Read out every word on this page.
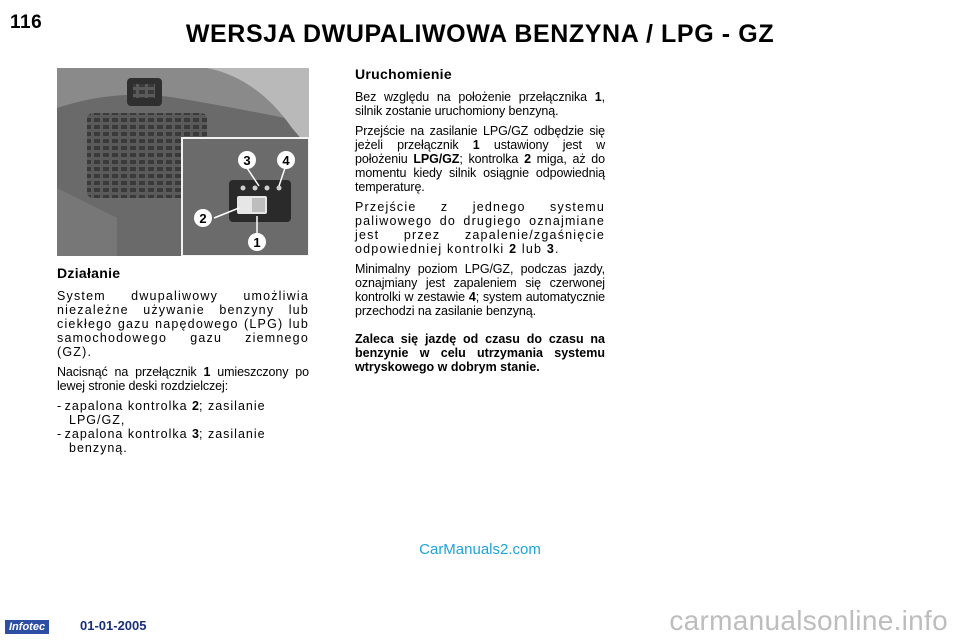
116	WERSJA DWUPALIWOWA BENZYNA / LPG - GZ
3 4
2
1
Działanie

System dwupaliwowy umożliwia niezależne używanie benzyny lub ciekłego gazu napędowego (LPG) lub samochodowego gazu ziemnego (GZ).

Nacisnąć na przełącznik 1 umieszczony po lewej stronie deski rozdzielczej:

- zapalona kontrolka 2; zasilanie LPG/GZ,

- zapalona kontrolka 3; zasilanie benzyną.

Uruchomienie

Bez względu na położenie przełącznika 1, silnik zostanie uruchomiony benzyną.

Przejście na zasilanie LPG/GZ odbędzie się jeżeli przełącznik 1 ustawiony jest w położeniu LPG/GZ; kontrolka 2 miga, aż do momentu kiedy silnik osiągnie odpowiednią temperaturę.

Przejście z jednego systemu paliwowego do drugiego oznajmiane jest przez zapalenie/zgaśnięcie odpowiedniej kontrolki 2 lub 3.

Minimalny poziom LPG/GZ, podczas jazdy, oznajmiany jest zapaleniem się czerwonej kontrolki w zestawie 4; system automatycznie przechodzi na zasilanie benzyną.

Zaleca się jazdę od czasu do czasu na benzynie w celu utrzymania systemu wtryskowego w dobrym stanie.

CarManuals2.com
Infotec	01-01-2005	carmanualsonline.info
